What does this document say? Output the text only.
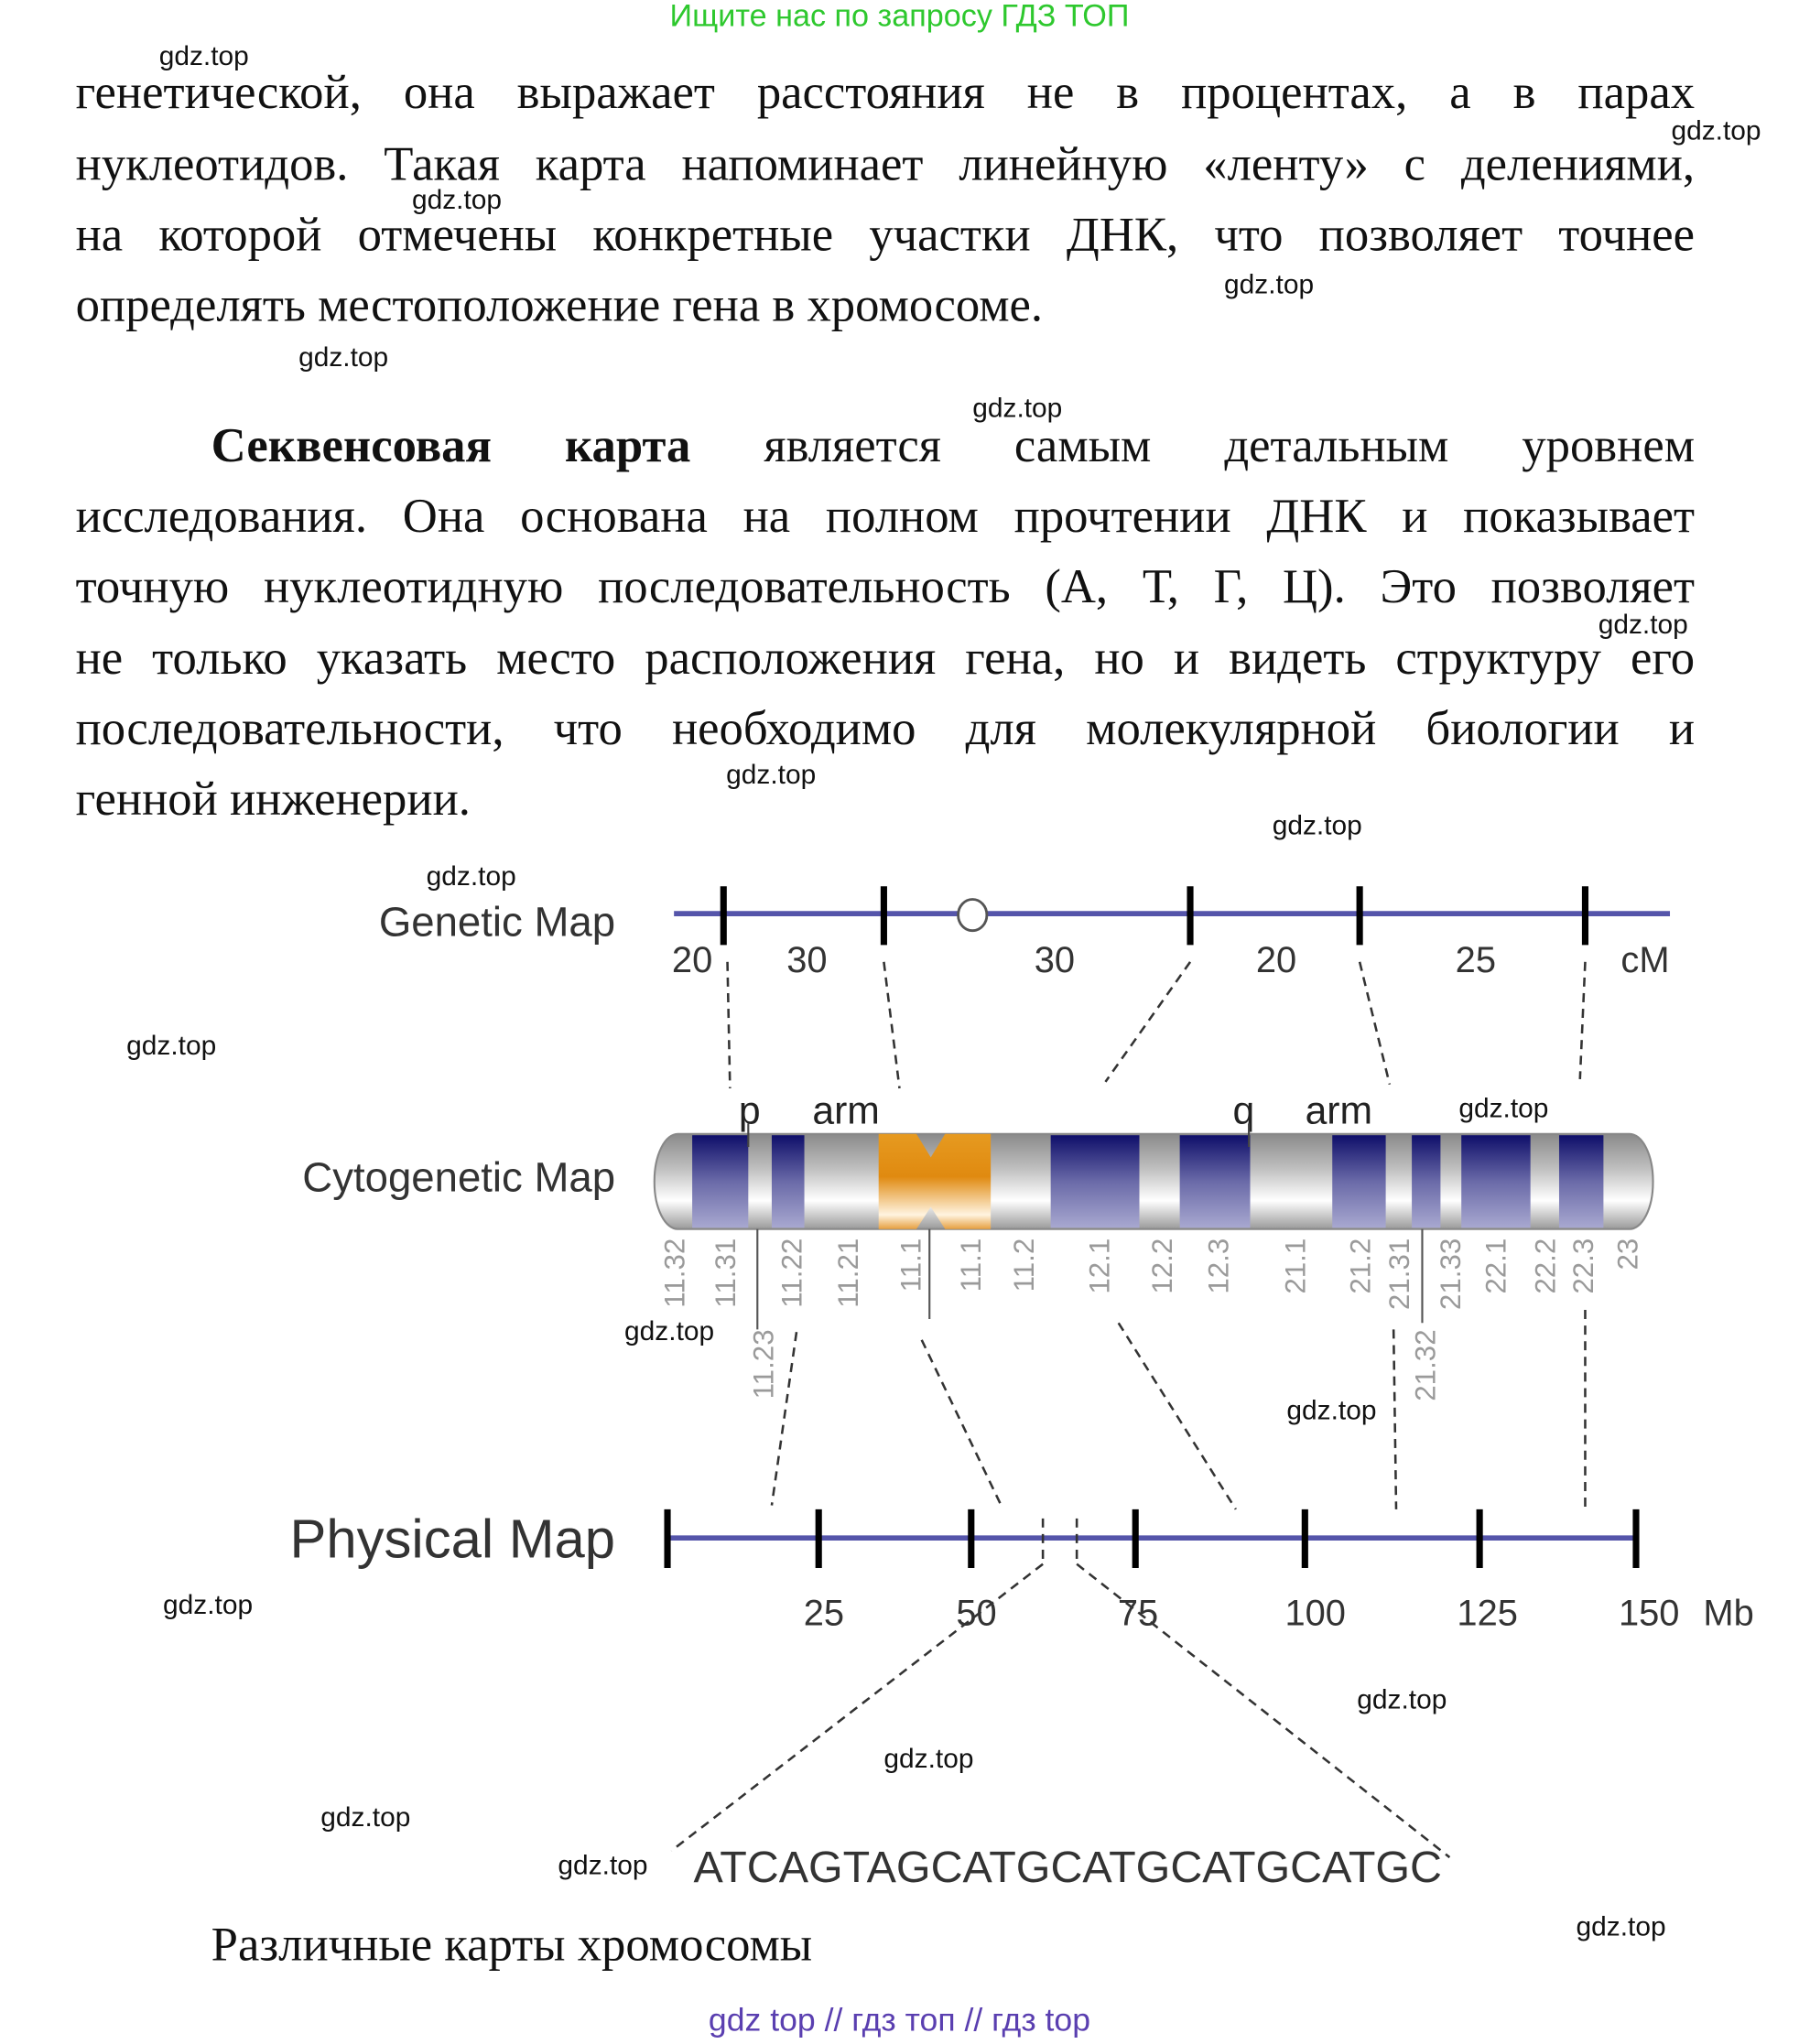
Ищите нас по запросу ГДЗ ТОП
генетической, она выражает расстояния не в процентах, а в парах
нуклеотидов. Такая карта напоминает линейную «ленту» с делениями,
на которой отмечены конкретные участки ДНК, что позволяет точнее
определять местоположение гена в хромосоме.
Секвенсовая карта является самым детальным уровнем
исследования. Она основана на полном прочтении ДНК и показывает
точную нуклеотидную последовательность (А, Т, Г, Ц). Это позволяет
не только указать место расположения гена, но и видеть структуру его
последовательности, что необходимо для молекулярной биологии и
генной инженерии.
Genetic Map
20	30	30	20	25	cM
Cytogenetic Map
p arm	q arm
11.32 11.31 11.22 11.21 11.1 11.1 11.2 12.1 12.2 12.3 21.1 21.2 21.31 21.33 22.1 22.2 22.3 23
11.23	21.32
Physical Map
25	50	75	100	125	150 Mb
ATCAGTAGCATGCATGCATGCATGC
Различные карты хромосомы
gdz top // гдз топ // гдз top
gdz.top
gdz.top
gdz.top
gdz.top
gdz.top
gdz.top
gdz.top
gdz.top
gdz.top
gdz.top
gdz.top
gdz.top
gdz.top
gdz.top
gdz.top
gdz.top
gdz.top
gdz.top
gdz.top
gdz.top
